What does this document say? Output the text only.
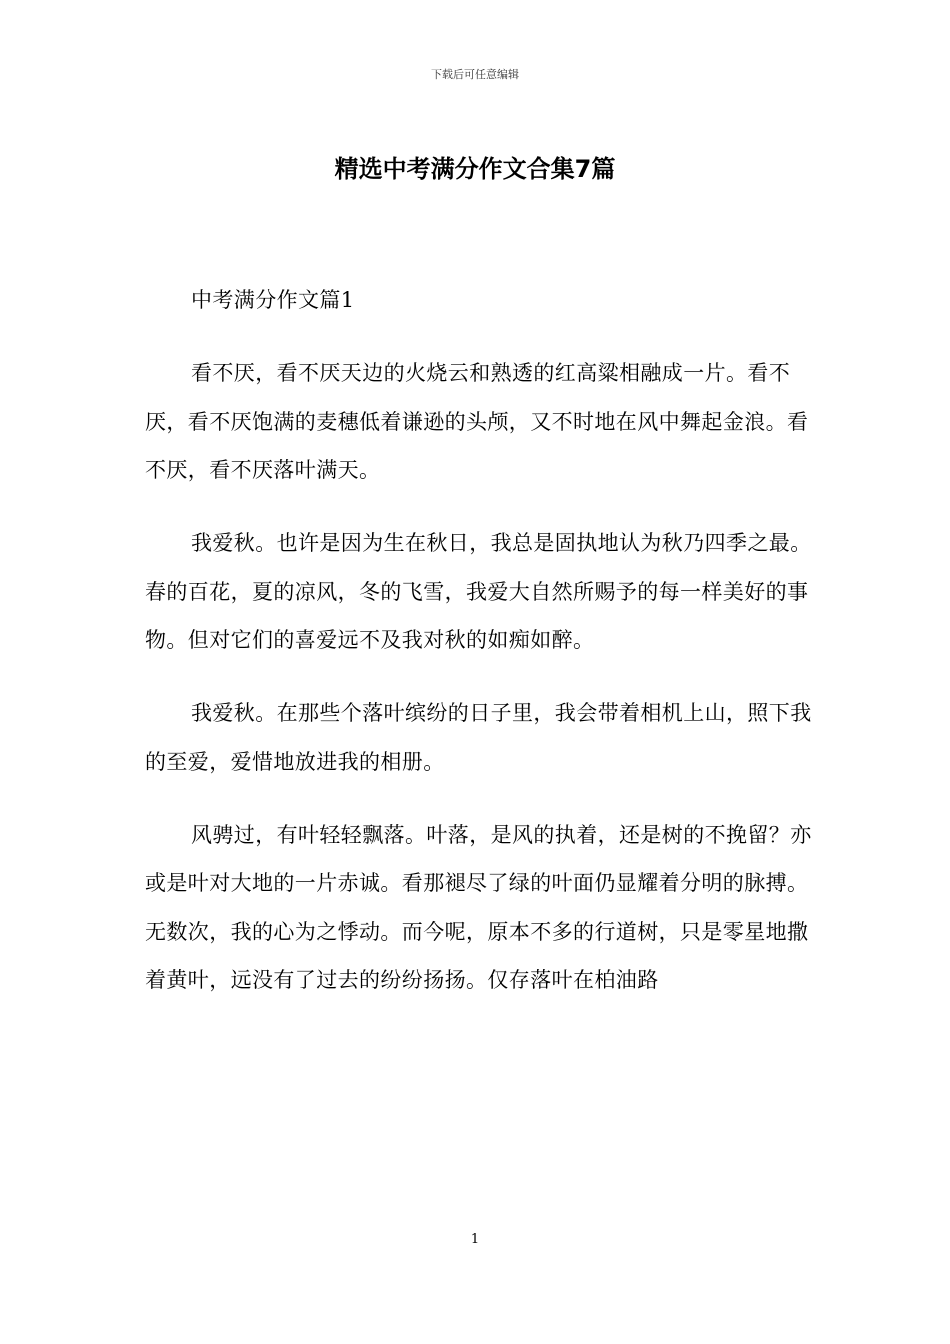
下载后可任意编辑
精选中考满分作文合集7篇

中考满分作文篇1

看不厌，看不厌天边的火烧云和熟透的红高粱相融成一片。看不厌，看不厌饱满的麦穗低着谦逊的头颅，又不时地在风中舞起金浪。看不厌，看不厌落叶满天。

我爱秋。也许是因为生在秋日，我总是固执地认为秋乃四季之最。春的百花，夏的凉风，冬的飞雪，我爱大自然所赐予的每一样美好的事物。但对它们的喜爱远不及我对秋的如痴如醉。

我爱秋。在那些个落叶缤纷的日子里，我会带着相机上山，照下我的至爱，爱惜地放进我的相册。

风骋过，有叶轻轻飘落。叶落，是风的执着，还是树的不挽留？亦或是叶对大地的一片赤诚。看那褪尽了绿的叶面仍显耀着分明的脉搏。无数次，我的心为之悸动。而今呢，原本不多的行道树，只是零星地撒着黄叶，远没有了过去的纷纷扬扬。仅存落叶在柏油路

1
